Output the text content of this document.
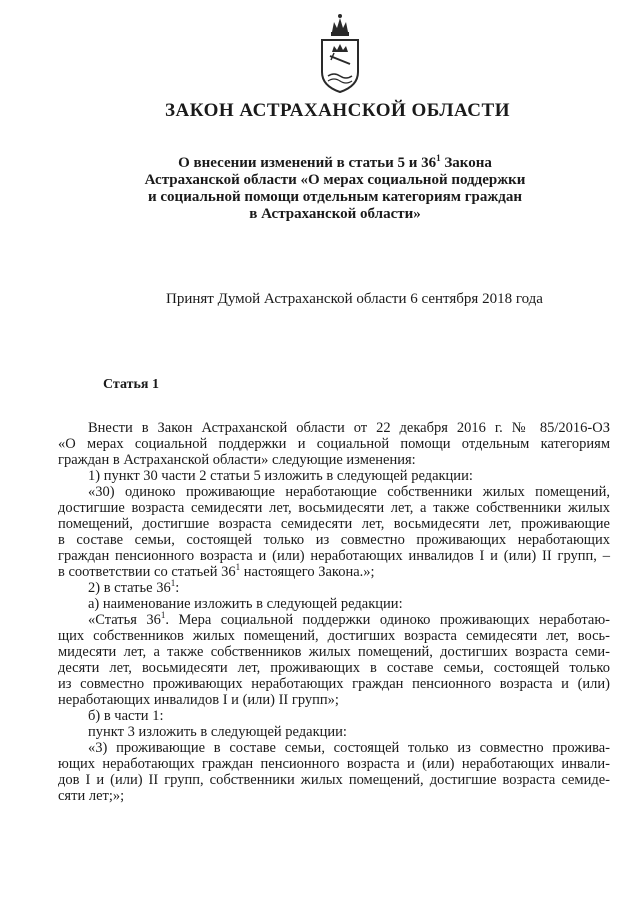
ЗАКОН АСТРАХАНСКОЙ ОБЛАСТИ
О внесении изменений в статьи 5 и $36^1$ Закона
Астраханской области «О мерах социальной поддержки
и социальной помощи отдельным категориям граждан
в Астраханской области»
Принят Думой Астраханской области 6 сентября 2018 года
Статья 1
Внести в Закон Астраханской области от 22 декабря 2016 г. № 85/2016-ОЗ
«О мерах социальной поддержки и социальной помощи отдельным категориям
граждан в Астраханской области» следующие изменения:
1) пункт 30 части 2 статьи 5 изложить в следующей редакции:
«30) одиноко проживающие неработающие собственники жилых помещений,
достигшие возраста семидесяти лет, восьмидесяти лет, а также собственники жилых
помещений, достигшие возраста семидесяти лет, восьмидесяти лет, проживающие
в составе семьи, состоящей только из совместно проживающих неработающих
граждан пенсионного возраста и (или) неработающих инвалидов I и (или) II групп, –
в соответствии со статьей $36^1$ настоящего Закона.»;
2) в статье $36^1$:
а) наименование изложить в следующей редакции:
«Статья $36^1$. Мера социальной поддержки одиноко проживающих неработаю-
щих собственников жилых помещений, достигших возраста семидесяти лет, вось-
мидесяти лет, а также собственников жилых помещений, достигших возраста семи-
десяти лет, восьмидесяти лет, проживающих в составе семьи, состоящей только
из совместно проживающих неработающих граждан пенсионного возраста и (или)
неработающих инвалидов I и (или) II групп»;
б) в части 1:
пункт 3 изложить в следующей редакции:
«3) проживающие в составе семьи, состоящей только из совместно прожива-
ющих неработающих граждан пенсионного возраста и (или) неработающих инвали-
дов I и (или) II групп, собственники жилых помещений, достигшие возраста семиде-
сяти лет;»;
